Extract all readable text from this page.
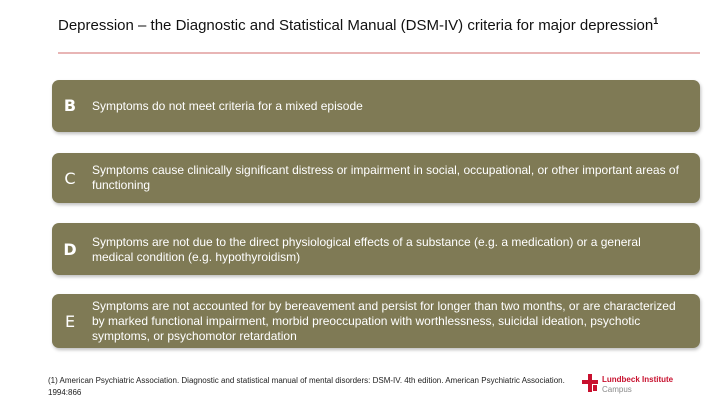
Depression – the Diagnostic and Statistical Manual (DSM-IV) criteria for major depression$^1$
B	Symptoms do not meet criteria for a mixed episode
C	Symptoms cause clinically significant distress or impairment in social, occupational, or other important areas of functioning
D	Symptoms are not due to the direct physiological effects of a substance (e.g. a medication) or a general medical condition (e.g. hypothyroidism)
E
Symptoms are not accounted for by bereavement and persist for longer than two months, or are characterized by marked functional impairment, morbid preoccupation with worthlessness, suicidal ideation, psychotic symptoms, or psychomotor retardation
(1) American Psychiatric Association. Diagnostic and statistical manual of mental disorders: DSM-IV. 4th edition. American Psychiatric Association. 1994:866
Lundbeck Institute
Campus
